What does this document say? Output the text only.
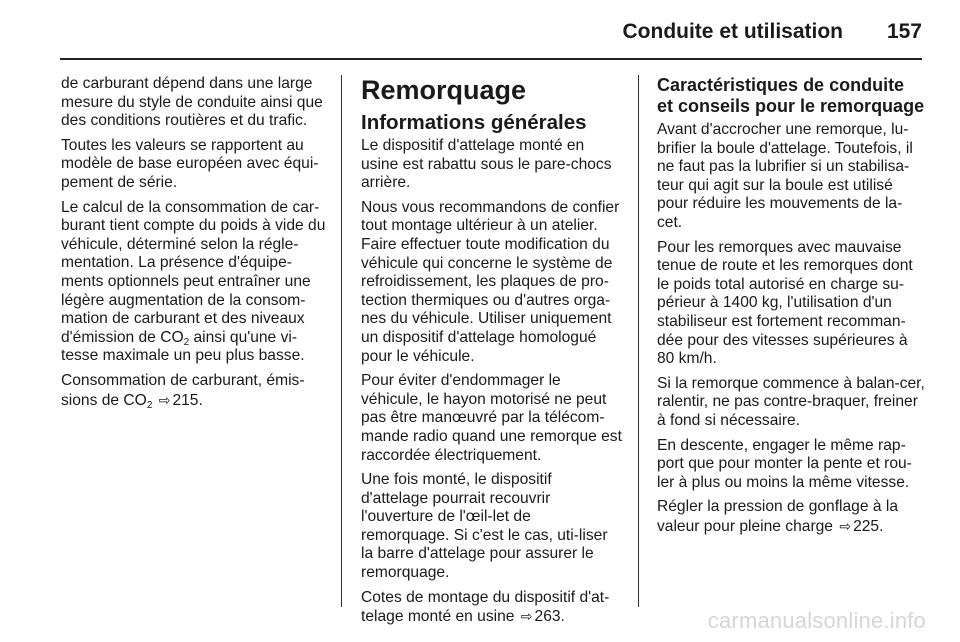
Conduite et utilisation 157

de carburant dépend dans une large mesure du style de conduite ainsi que des conditions routières et du trafic.

Toutes les valeurs se rapportent au modèle de base européen avec équi-pement de série.

Le calcul de la consommation de car-burant tient compte du poids à vide du véhicule, déterminé selon la régle-mentation. La présence d'équipe-ments optionnels peut entraîner une légère augmentation de la consom-mation de carburant et des niveaux d'émission de $CO_2$ ainsi qu'une vi-tesse maximale un peu plus basse.

Consommation de carburant, émis-sions de $CO_2$ ⇨ 215.

Remorquage
Informations générales

Le dispositif d'attelage monté en usine est rabattu sous le pare-chocs arrière.

Nous vous recommandons de confier tout montage ultérieur à un atelier. Faire effectuer toute modification du véhicule qui concerne le système de refroidissement, les plaques de pro-tection thermiques ou d'autres orga-nes du véhicule. Utiliser uniquement un dispositif d'attelage homologué pour le véhicule.

Pour éviter d'endommager le véhicule, le hayon motorisé ne peut pas être manœuvré par la télécom-mande radio quand une remorque est raccordée électriquement.

Une fois monté, le dispositif d'attelage pourrait recouvrir l'ouverture de l'œil-let de remorquage. Si c'est le cas, uti-liser la barre d'attelage pour assurer le remorquage.

Cotes de montage du dispositif d'at-telage monté en usine ⇨ 263.

Caractéristiques de conduite et conseils pour le remorquage

Avant d'accrocher une remorque, lu-brifier la boule d'attelage. Toutefois, il ne faut pas la lubrifier si un stabilisa-teur qui agit sur la boule est utilisé pour réduire les mouvements de la-cet.

Pour les remorques avec mauvaise tenue de route et les remorques dont le poids total autorisé en charge su-périeur à 1400 kg, l'utilisation d'un stabiliseur est fortement recomman-dée pour des vitesses supérieures à 80 km/h.

Si la remorque commence à balan-cer, ralentir, ne pas contre-braquer, freiner à fond si nécessaire.

En descente, engager le même rap-port que pour monter la pente et rou-ler à plus ou moins la même vitesse.

Régler la pression de gonflage à la valeur pour pleine charge ⇨ 225.

carmanualsonline.info
